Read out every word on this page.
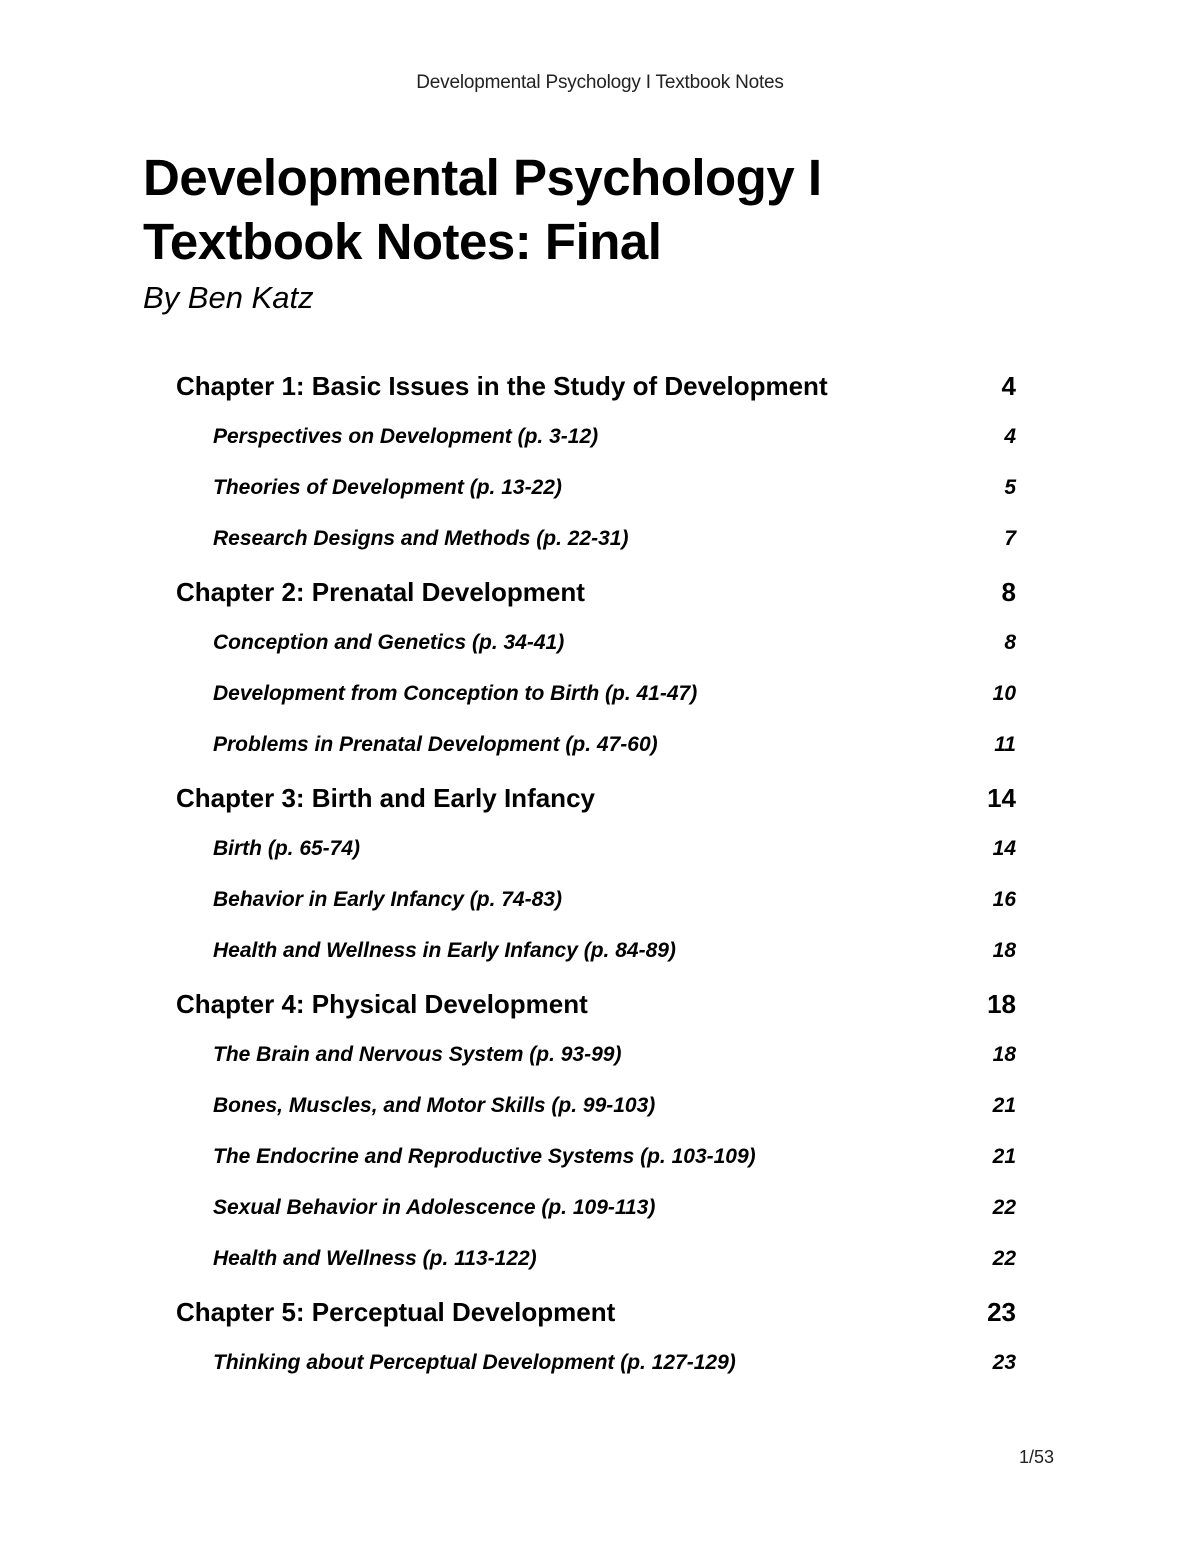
Developmental Psychology I Textbook Notes
Developmental Psychology I
Textbook Notes: Final
By Ben Katz
Chapter 1: Basic Issues in the Study of Development	4
Perspectives on Development (p. 3-12)	4
Theories of Development (p. 13-22)	5
Research Designs and Methods (p. 22-31)	7
Chapter 2: Prenatal Development	8
Conception and Genetics (p. 34-41)	8
Development from Conception to Birth (p. 41-47)	10
Problems in Prenatal Development (p. 47-60)	11
Chapter 3: Birth and Early Infancy	14
Birth (p. 65-74)	14
Behavior in Early Infancy (p. 74-83)	16
Health and Wellness in Early Infancy (p. 84-89)	18
Chapter 4: Physical Development	18
The Brain and Nervous System (p. 93-99)	18
Bones, Muscles, and Motor Skills (p. 99-103)	21
The Endocrine and Reproductive Systems (p. 103-109)	21
Sexual Behavior in Adolescence (p. 109-113)	22
Health and Wellness (p. 113-122)	22
Chapter 5: Perceptual Development	23
Thinking about Perceptual Development (p. 127-129)	23
1/53
